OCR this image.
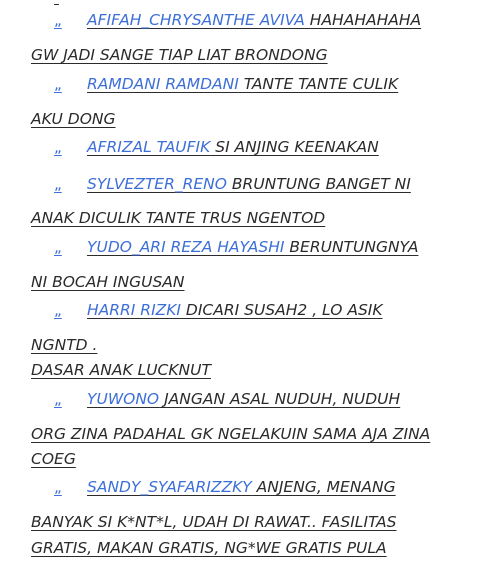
„ AFIFAH_CHRYSANTHE AVIVA HAHAHAHAHA
GW JADI SANGE TIAP LIAT BRONDONG
„ RAMDANI RAMDANI TANTE TANTE CULIK
AKU DONG
„ AFRIZAL TAUFIK SI ANJING KEENAKAN
„ SYLVEZTER_RENO BRUNTUNG BANGET NI
ANAK DICULIK TANTE TRUS NGENTOD
„ YUDO_ARI REZA HAYASHI BERUNTUNGNYA
NI BOCAH INGUSAN
„ HARRI RIZKI DICARI SUSAH2 , LO ASIK
NGNTD .
DASAR ANAK LUCKNUT
„ YUWONO JANGAN ASAL NUDUH, NUDUH
ORG ZINA PADAHAL GK NGELAKUIN SAMA AJA ZINA
COEG
„ SANDY_SYAFARIZZKY ANJENG, MENANG
BANYAK SI K*NT*L, UDAH DI RAWAT.. FASILITAS
GRATIS, MAKAN GRATIS, NG*WE GRATIS PULA
